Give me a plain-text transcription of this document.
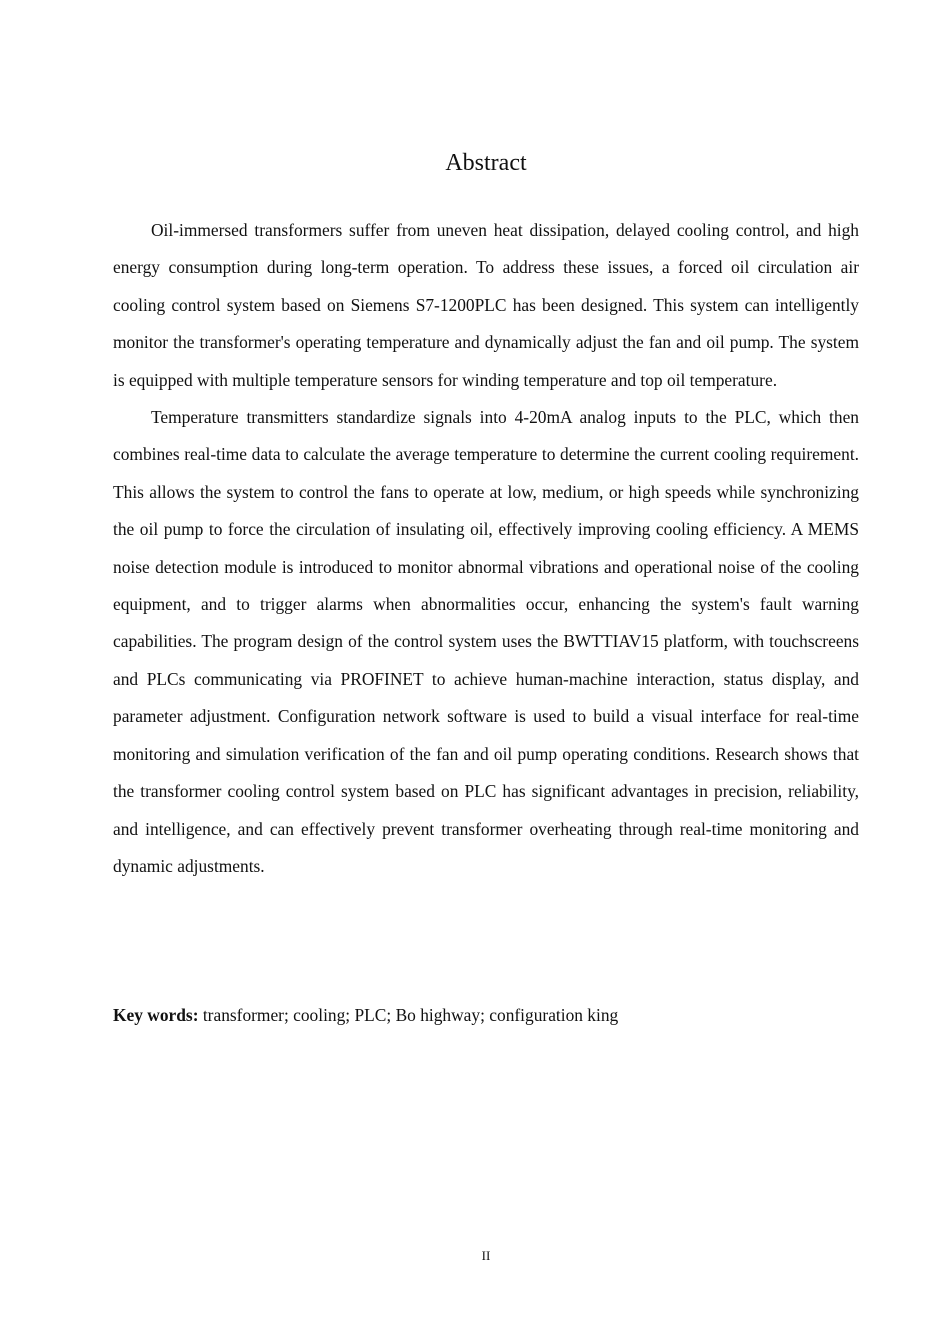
Abstract

Oil-immersed transformers suffer from uneven heat dissipation, delayed cooling control, and high energy consumption during long-term operation. To address these issues, a forced oil circulation air cooling control system based on Siemens S7-1200PLC has been designed. This system can intelligently monitor the transformer's operating temperature and dynamically adjust the fan and oil pump. The system is equipped with multiple temperature sensors for winding temperature and top oil temperature.

Temperature transmitters standardize signals into 4-20mA analog inputs to the PLC, which then combines real-time data to calculate the average temperature to determine the current cooling requirement. This allows the system to control the fans to operate at low, medium, or high speeds while synchronizing the oil pump to force the circulation of insulating oil, effectively improving cooling efficiency. A MEMS noise detection module is introduced to monitor abnormal vibrations and operational noise of the cooling equipment, and to trigger alarms when abnormalities occur, enhancing the system's fault warning capabilities. The program design of the control system uses the BWTTIAV15 platform, with touchscreens and PLCs communicating via PROFINET to achieve human-machine interaction, status display, and parameter adjustment. Configuration network software is used to build a visual interface for real-time monitoring and simulation verification of the fan and oil pump operating conditions. Research shows that the transformer cooling control system based on PLC has significant advantages in precision, reliability, and intelligence, and can effectively prevent transformer overheating through real-time monitoring and dynamic adjustments.

Key words: transformer; cooling; PLC; Bo highway; configuration king

II
